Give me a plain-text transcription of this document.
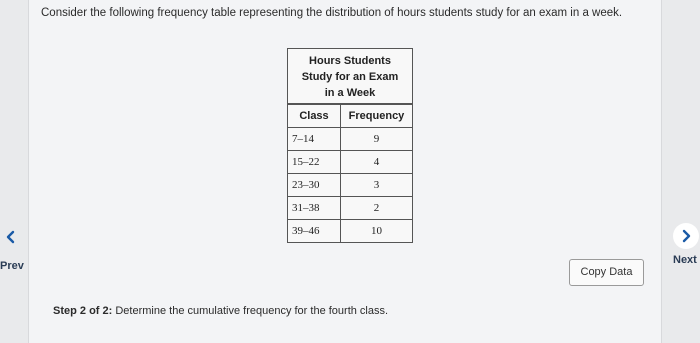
Consider the following frequency table representing the distribution of hours students study for an exam in a week.
Hours Students
Study for an Exam
in a Week
Class	Frequency
7–14	9
15–22	4
23–30	3
31–38	2
39–46	10
Prev	Next
Copy Data
Step 2 of 2: Determine the cumulative frequency for the fourth class.
